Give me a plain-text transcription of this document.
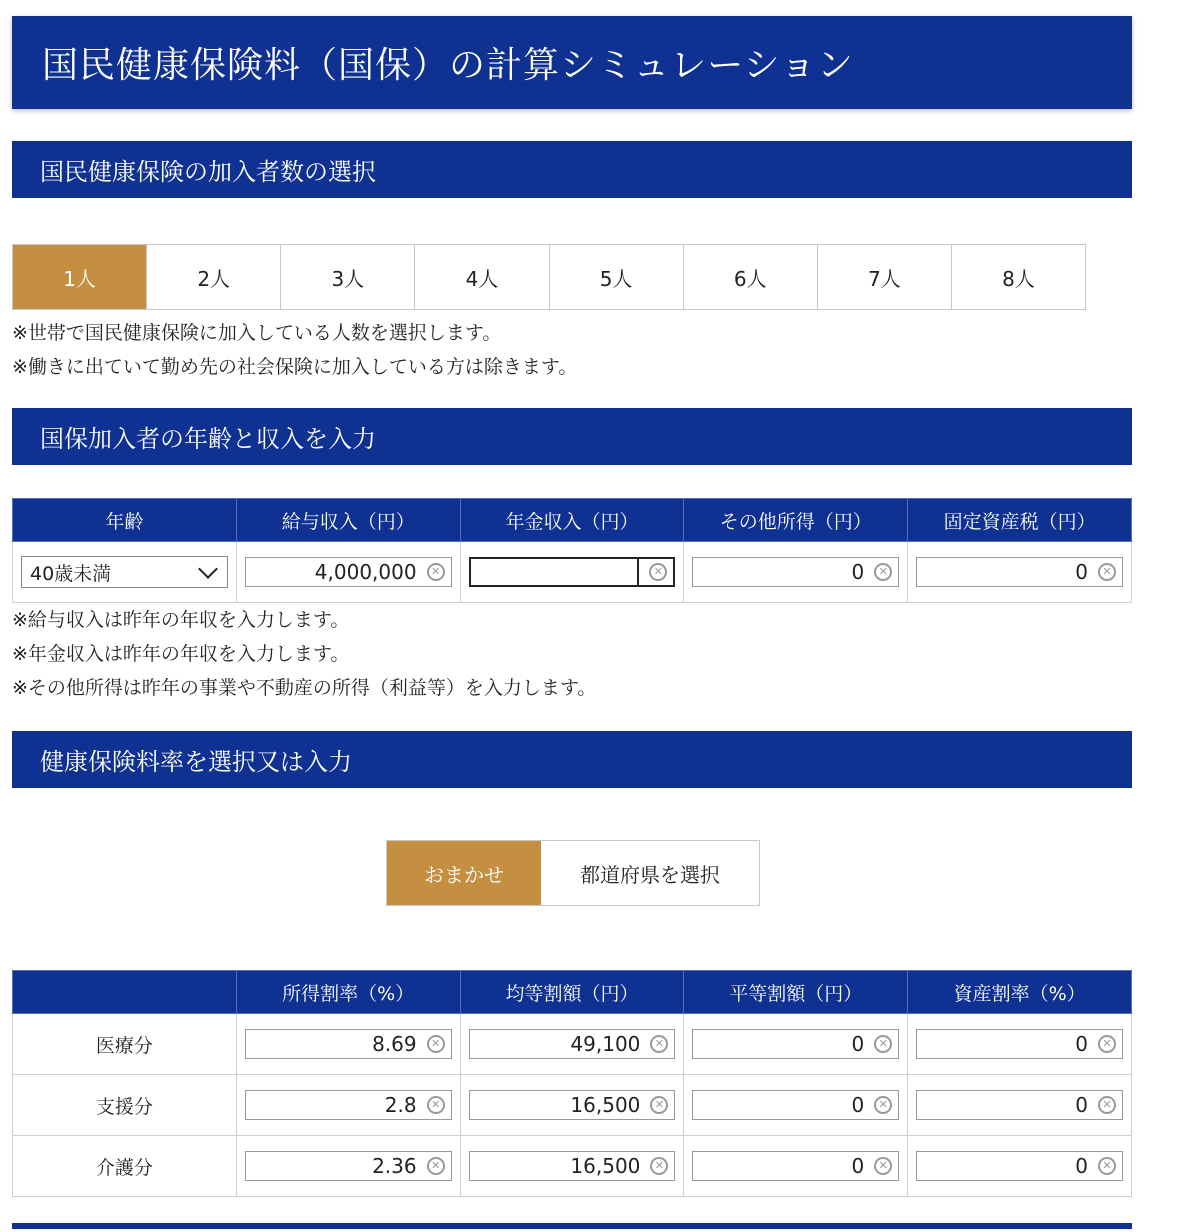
国民健康保険料（国保）の計算シミュレーション
国民健康保険の加入者数の選択
1人	2人	3人	4人	5人	6人	7人	8人
※世帯で国民健康保険に加入している人数を選択します。
※働きに出ていて勤め先の社会保険に加入している方は除きます。
国保加入者の年齢と収入を入力
年齢	給与収入（円）	年金収入（円）	その他所得（円）	固定資産税（円）

40歳未満	4,000,000 ✕	✕	0 ✕	0 ✕
※給与収入は昨年の年収を入力します。
※年金収入は昨年の年収を入力します。
※その他所得は昨年の事業や不動産の所得（利益等）を入力します。
健康保険料率を選択又は入力
おまかせ	都道府県を選択
	所得割率（%）	均等割額（円）	平等割額（円）	資産割率（%）
医療分	8.69 ✕	49,100 ✕	0 ✕	0 ✕

支援分	2.8 ✕	16,500 ✕	0 ✕	0 ✕

介護分	2.36 ✕	16,500 ✕	0 ✕	0 ✕
